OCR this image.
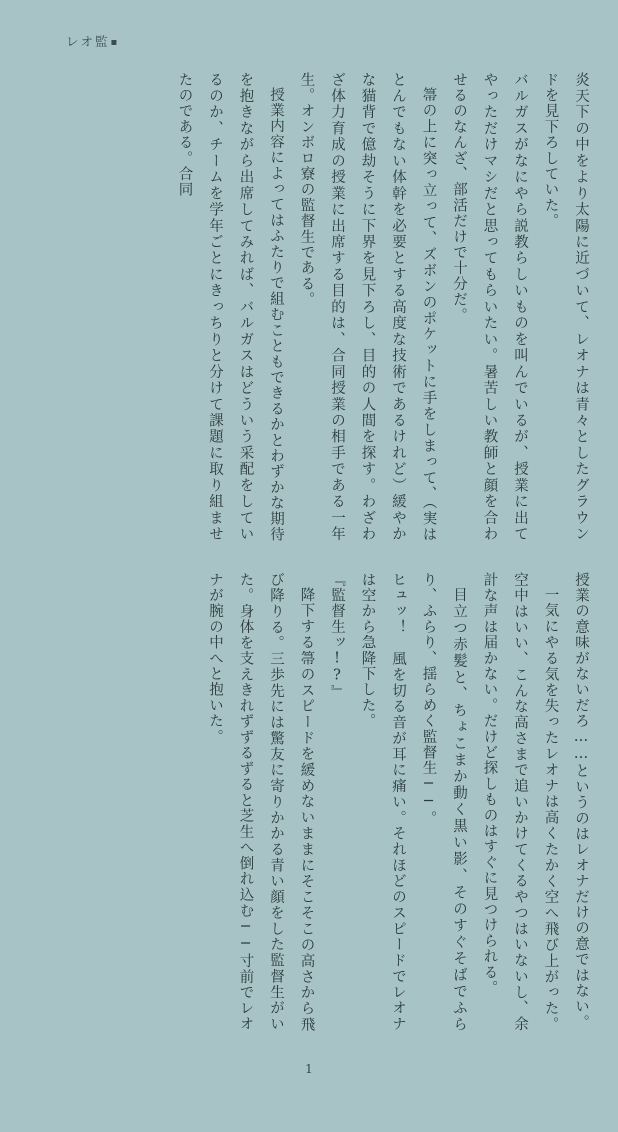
レオ監▪

炎天下の中をより太陽に近づいて、レオナは青々としたグラウンドを見下ろしていた。

バルガスがなにやら説教らしいものを叫んでいるが、授業に出てやっただけマシだと思ってもらいたい。暑苦しい教師と顔を合わせるのなんざ、部活だけで十分だ。

箒の上に突っ立って、ズボンのポケットに手をしまって、（実はとんでもない体幹を必要とする高度な技術であるけれど）緩やかな猫背で億劫そうに下界を見下ろし、目的の人間を探す。わざわざ体力育成の授業に出席する目的は、合同授業の相手である一年生。オンボロ寮の監督生である。

授業内容によってはふたりで組むこともできるかとわずかな期待を抱きながら出席してみれば、バルガスはどういう采配をしているのか、チームを学年ごとにきっちりと分けて課題に取り組ませたのである。合同

授業の意味がないだろ……というのはレオナだけの意ではない。

一気にやる気を失ったレオナは高くたかく空へ飛び上がった。空中はいい、こんな高さまで追いかけてくるやつはいないし、余計な声は届かない。だけど探しものはすぐに見つけられる。

目立つ赤髪と、ちょこまか動く黒い影、そのすぐそばでふらり、ふらり、揺らめく監督生──。

ヒュッ！　風を切る音が耳に痛い。それほどのスピードでレオナは空から急降下した。

『監督生ッ!?』

降下する箒のスピードを緩めないままにそこそこの高さから飛び降りる。三歩先には驚友に寄りかかる青い顔をした監督生がいた。身体を支えきれずずるずると芝生へ倒れ込む──寸前でレオナが腕の中へと抱いた。

1
